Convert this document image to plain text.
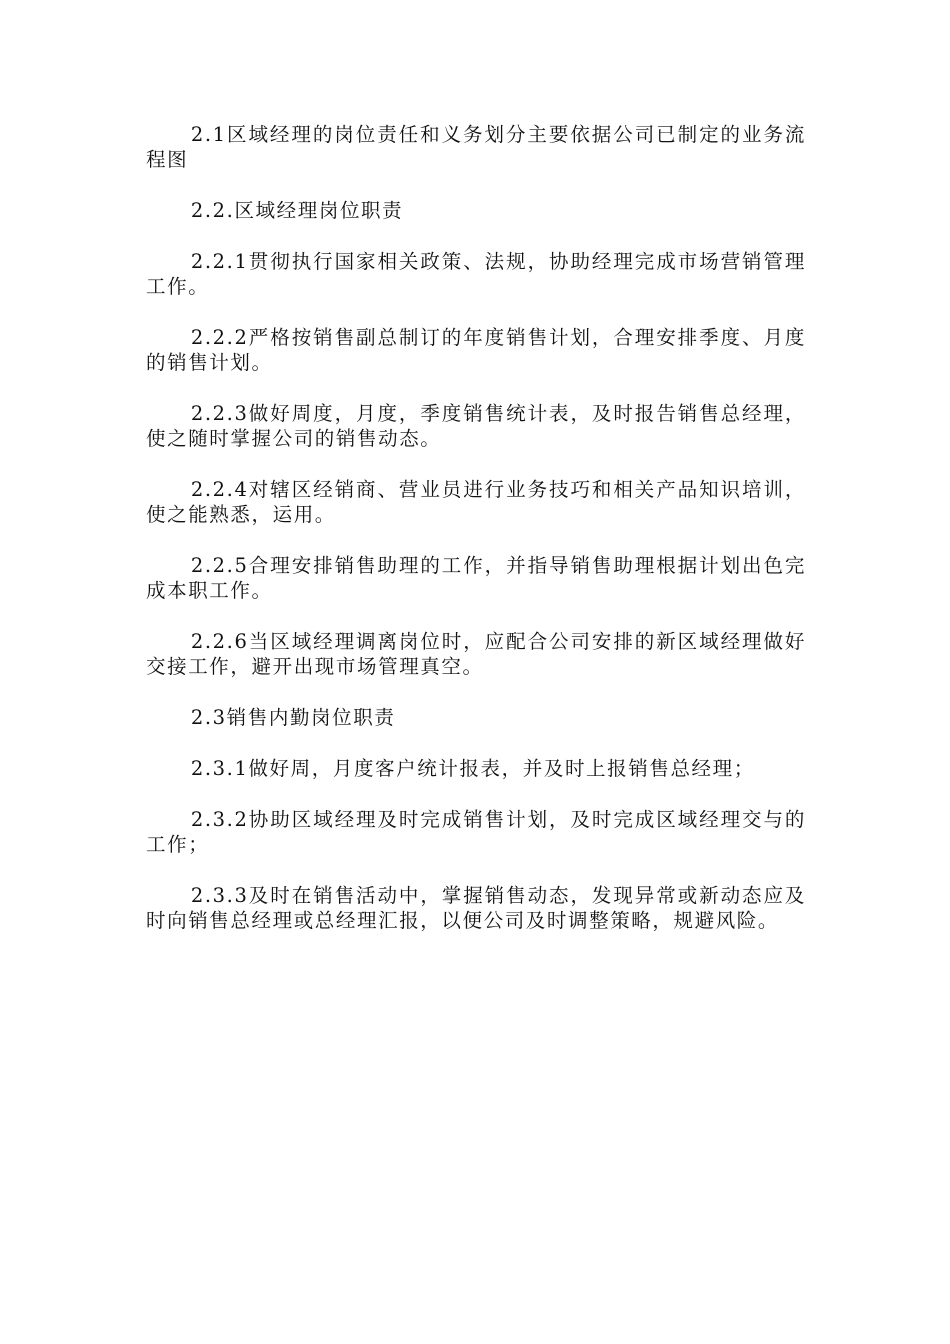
2.1区域经理的岗位责任和义务划分主要依据公司已制定的业务流程图

2.2.区域经理岗位职责

2.2.1贯彻执行国家相关政策、法规，协助经理完成市场营销管理工作。

2.2.2严格按销售副总制订的年度销售计划，合理安排季度、月度的销售计划。

2.2.3做好周度，月度，季度销售统计表，及时报告销售总经理，使之随时掌握公司的销售动态。

2.2.4对辖区经销商、营业员进行业务技巧和相关产品知识培训，使之能熟悉，运用。

2.2.5合理安排销售助理的工作，并指导销售助理根据计划出色完成本职工作。

2.2.6当区域经理调离岗位时，应配合公司安排的新区域经理做好交接工作，避开出现市场管理真空。

2.3销售内勤岗位职责

2.3.1做好周，月度客户统计报表，并及时上报销售总经理；

2.3.2协助区域经理及时完成销售计划，及时完成区域经理交与的工作；

2.3.3及时在销售活动中，掌握销售动态，发现异常或新动态应及时向销售总经理或总经理汇报，以便公司及时调整策略，规避风险。
